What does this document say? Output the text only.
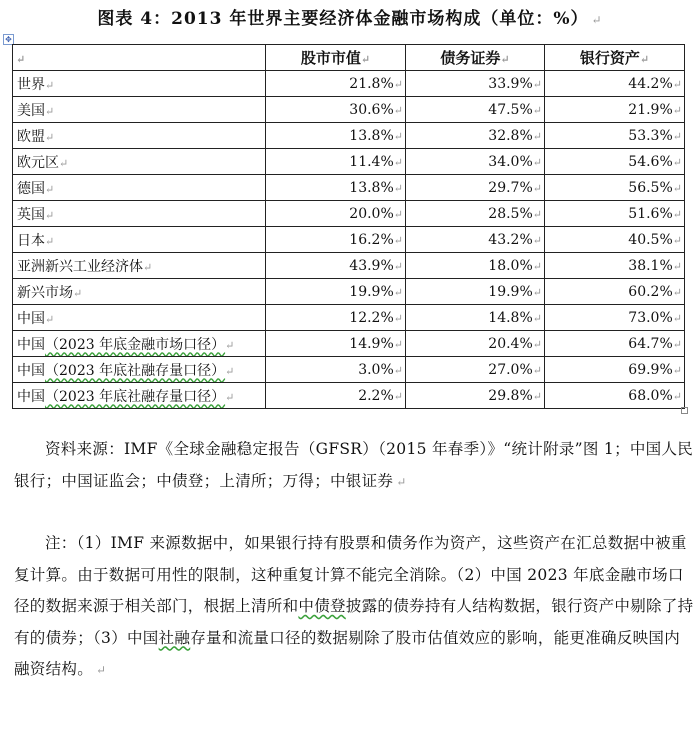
图表 4：2013 年世界主要经济体金融市场构成（单位：%） ↵
✥
↵	股市市值↵	债务证券↵	银行资产↵
世界↵	21.8%↵	33.9%↵	44.2%↵
美国↵	30.6%↵	47.5%↵	21.9%↵
欧盟↵	13.8%↵	32.8%↵	53.3%↵
欧元区↵	11.4%↵	34.0%↵	54.6%↵
德国↵	13.8%↵	29.7%↵	56.5%↵
英国↵	20.0%↵	28.5%↵	51.6%↵
日本↵	16.2%↵	43.2%↵	40.5%↵
亚洲新兴工业经济体↵	43.9%↵	18.0%↵	38.1%↵
新兴市场↵	19.9%↵	19.9%↵	60.2%↵
中国↵	12.2%↵	14.8%↵	73.0%↵
中国（2023 年底金融市场口径）↵	14.9%↵	20.4%↵	64.7%↵
中国（2023 年底社融存量口径）↵	3.0%↵	27.0%↵	69.9%↵
中国（2023 年底社融存量口径）↵	2.2%↵	29.8%↵	68.0%↵
资料来源：IMF《全球金融稳定报告（GFSR）（2015 年春季）》“统计附录”图 1；中国人民银行；中国证监会；中债登；上清所；万得；中银证券 ↵
注：（1）IMF 来源数据中，如果银行持有股票和债务作为资产，这些资产在汇总数据中被重复计算。由于数据可用性的限制，这种重复计算不能完全消除。（2）中国 2023 年底金融市场口径的数据来源于相关部门，根据上清所和中债登披露的债券持有人结构数据，银行资产中剔除了持有的债券；（3）中国社融存量和流量口径的数据剔除了股市估值效应的影响，能更准确反映国内融资结构。 ↵
